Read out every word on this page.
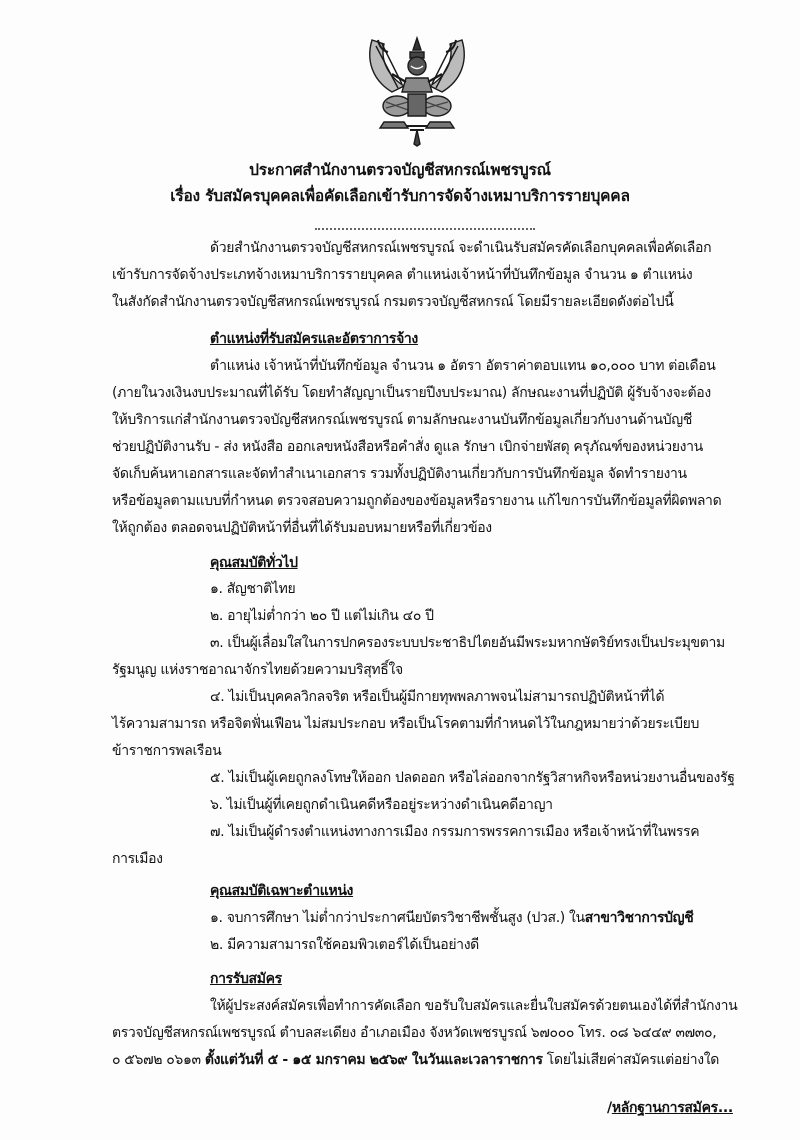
ประกาศสำนักงานตรวจบัญชีสหกรณ์เพชรบูรณ์
เรื่อง รับสมัครบุคคลเพื่อคัดเลือกเข้ารับการจัดจ้างเหมาบริการรายบุคคล
ด้วยสำนักงานตรวจบัญชีสหกรณ์เพชรบูรณ์ จะดำเนินรับสมัครคัดเลือกบุคคลเพื่อคัดเลือก
เข้ารับการจัดจ้างประเภทจ้างเหมาบริการรายบุคคล ตำแหน่งเจ้าหน้าที่บันทึกข้อมูล จำนวน ๑ ตำแหน่ง
ในสังกัดสำนักงานตรวจบัญชีสหกรณ์เพชรบูรณ์ กรมตรวจบัญชีสหกรณ์ โดยมีรายละเอียดดังต่อไปนี้
ตำแหน่งที่รับสมัครและอัตราการจ้าง
ตำแหน่ง เจ้าหน้าที่บันทึกข้อมูล จำนวน ๑ อัตรา อัตราค่าตอบแทน ๑๐,๐๐๐ บาท ต่อเดือน
(ภายในวงเงินงบประมาณที่ได้รับ โดยทำสัญญาเป็นรายปีงบประมาณ) ลักษณะงานที่ปฏิบัติ ผู้รับจ้างจะต้อง
ให้บริการแก่สำนักงานตรวจบัญชีสหกรณ์เพชรบูรณ์ ตามลักษณะงานบันทึกข้อมูลเกี่ยวกับงานด้านบัญชี
ช่วยปฏิบัติงานรับ - ส่ง หนังสือ ออกเลขหนังสือหรือคำสั่ง ดูแล รักษา เบิกจ่ายพัสดุ ครุภัณฑ์ของหน่วยงาน
จัดเก็บค้นหาเอกสารและจัดทำสำเนาเอกสาร รวมทั้งปฏิบัติงานเกี่ยวกับการบันทึกข้อมูล จัดทำรายงาน
หรือข้อมูลตามแบบที่กำหนด ตรวจสอบความถูกต้องของข้อมูลหรือรายงาน แก้ไขการบันทึกข้อมูลที่ผิดพลาด
ให้ถูกต้อง ตลอดจนปฏิบัติหน้าที่อื่นที่ได้รับมอบหมายหรือที่เกี่ยวข้อง
คุณสมบัติทั่วไป
๑. สัญชาติไทย
๒. อายุไม่ต่ำกว่า ๒๐ ปี แต่ไม่เกิน ๔๐ ปี
๓. เป็นผู้เลื่อมใสในการปกครองระบบประชาธิปไตยอันมีพระมหากษัตริย์ทรงเป็นประมุขตาม
รัฐมนูญ แห่งราชอาณาจักรไทยด้วยความบริสุทธิ์ใจ
๔. ไม่เป็นบุคคลวิกลจริต หรือเป็นผู้มีกายทุพพลภาพจนไม่สามารถปฏิบัติหน้าที่ได้
ไร้ความสามารถ หรือจิตฟั่นเฟือน ไม่สมประกอบ หรือเป็นโรคตามที่กำหนดไว้ในกฎหมายว่าด้วยระเบียบ
ข้าราชการพลเรือน
๕. ไม่เป็นผู้เคยถูกลงโทษให้ออก ปลดออก หรือไล่ออกจากรัฐวิสาหกิจหรือหน่วยงานอื่นของรัฐ
๖. ไม่เป็นผู้ที่เคยถูกดำเนินคดีหรืออยู่ระหว่างดำเนินคดีอาญา
๗. ไม่เป็นผู้ดำรงตำแหน่งทางการเมือง กรรมการพรรคการเมือง หรือเจ้าหน้าที่ในพรรค
การเมือง
คุณสมบัติเฉพาะตำแหน่ง
๑. จบการศึกษา ไม่ต่ำกว่าประกาศนียบัตรวิชาชีพชั้นสูง (ปวส.) ในสาขาวิชาการบัญชี
๒. มีความสามารถใช้คอมพิวเตอร์ได้เป็นอย่างดี
การรับสมัคร
ให้ผู้ประสงค์สมัครเพื่อทำการคัดเลือก ขอรับใบสมัครและยื่นใบสมัครด้วยตนเองได้ที่สำนักงาน
ตรวจบัญชีสหกรณ์เพชรบูรณ์ ตำบลสะเดียง อำเภอเมือง จังหวัดเพชรบูรณ์ ๖๗๐๐๐ โทร. ๐๘ ๖๔๔๙ ๓๗๓๐,
๐ ๕๖๗๒ ๐๖๑๓ ตั้งแต่วันที่ ๕ - ๑๕ มกราคม ๒๕๖๙ ในวันและเวลาราชการ โดยไม่เสียค่าสมัครแต่อย่างใด
/หลักฐานการสมัคร...
